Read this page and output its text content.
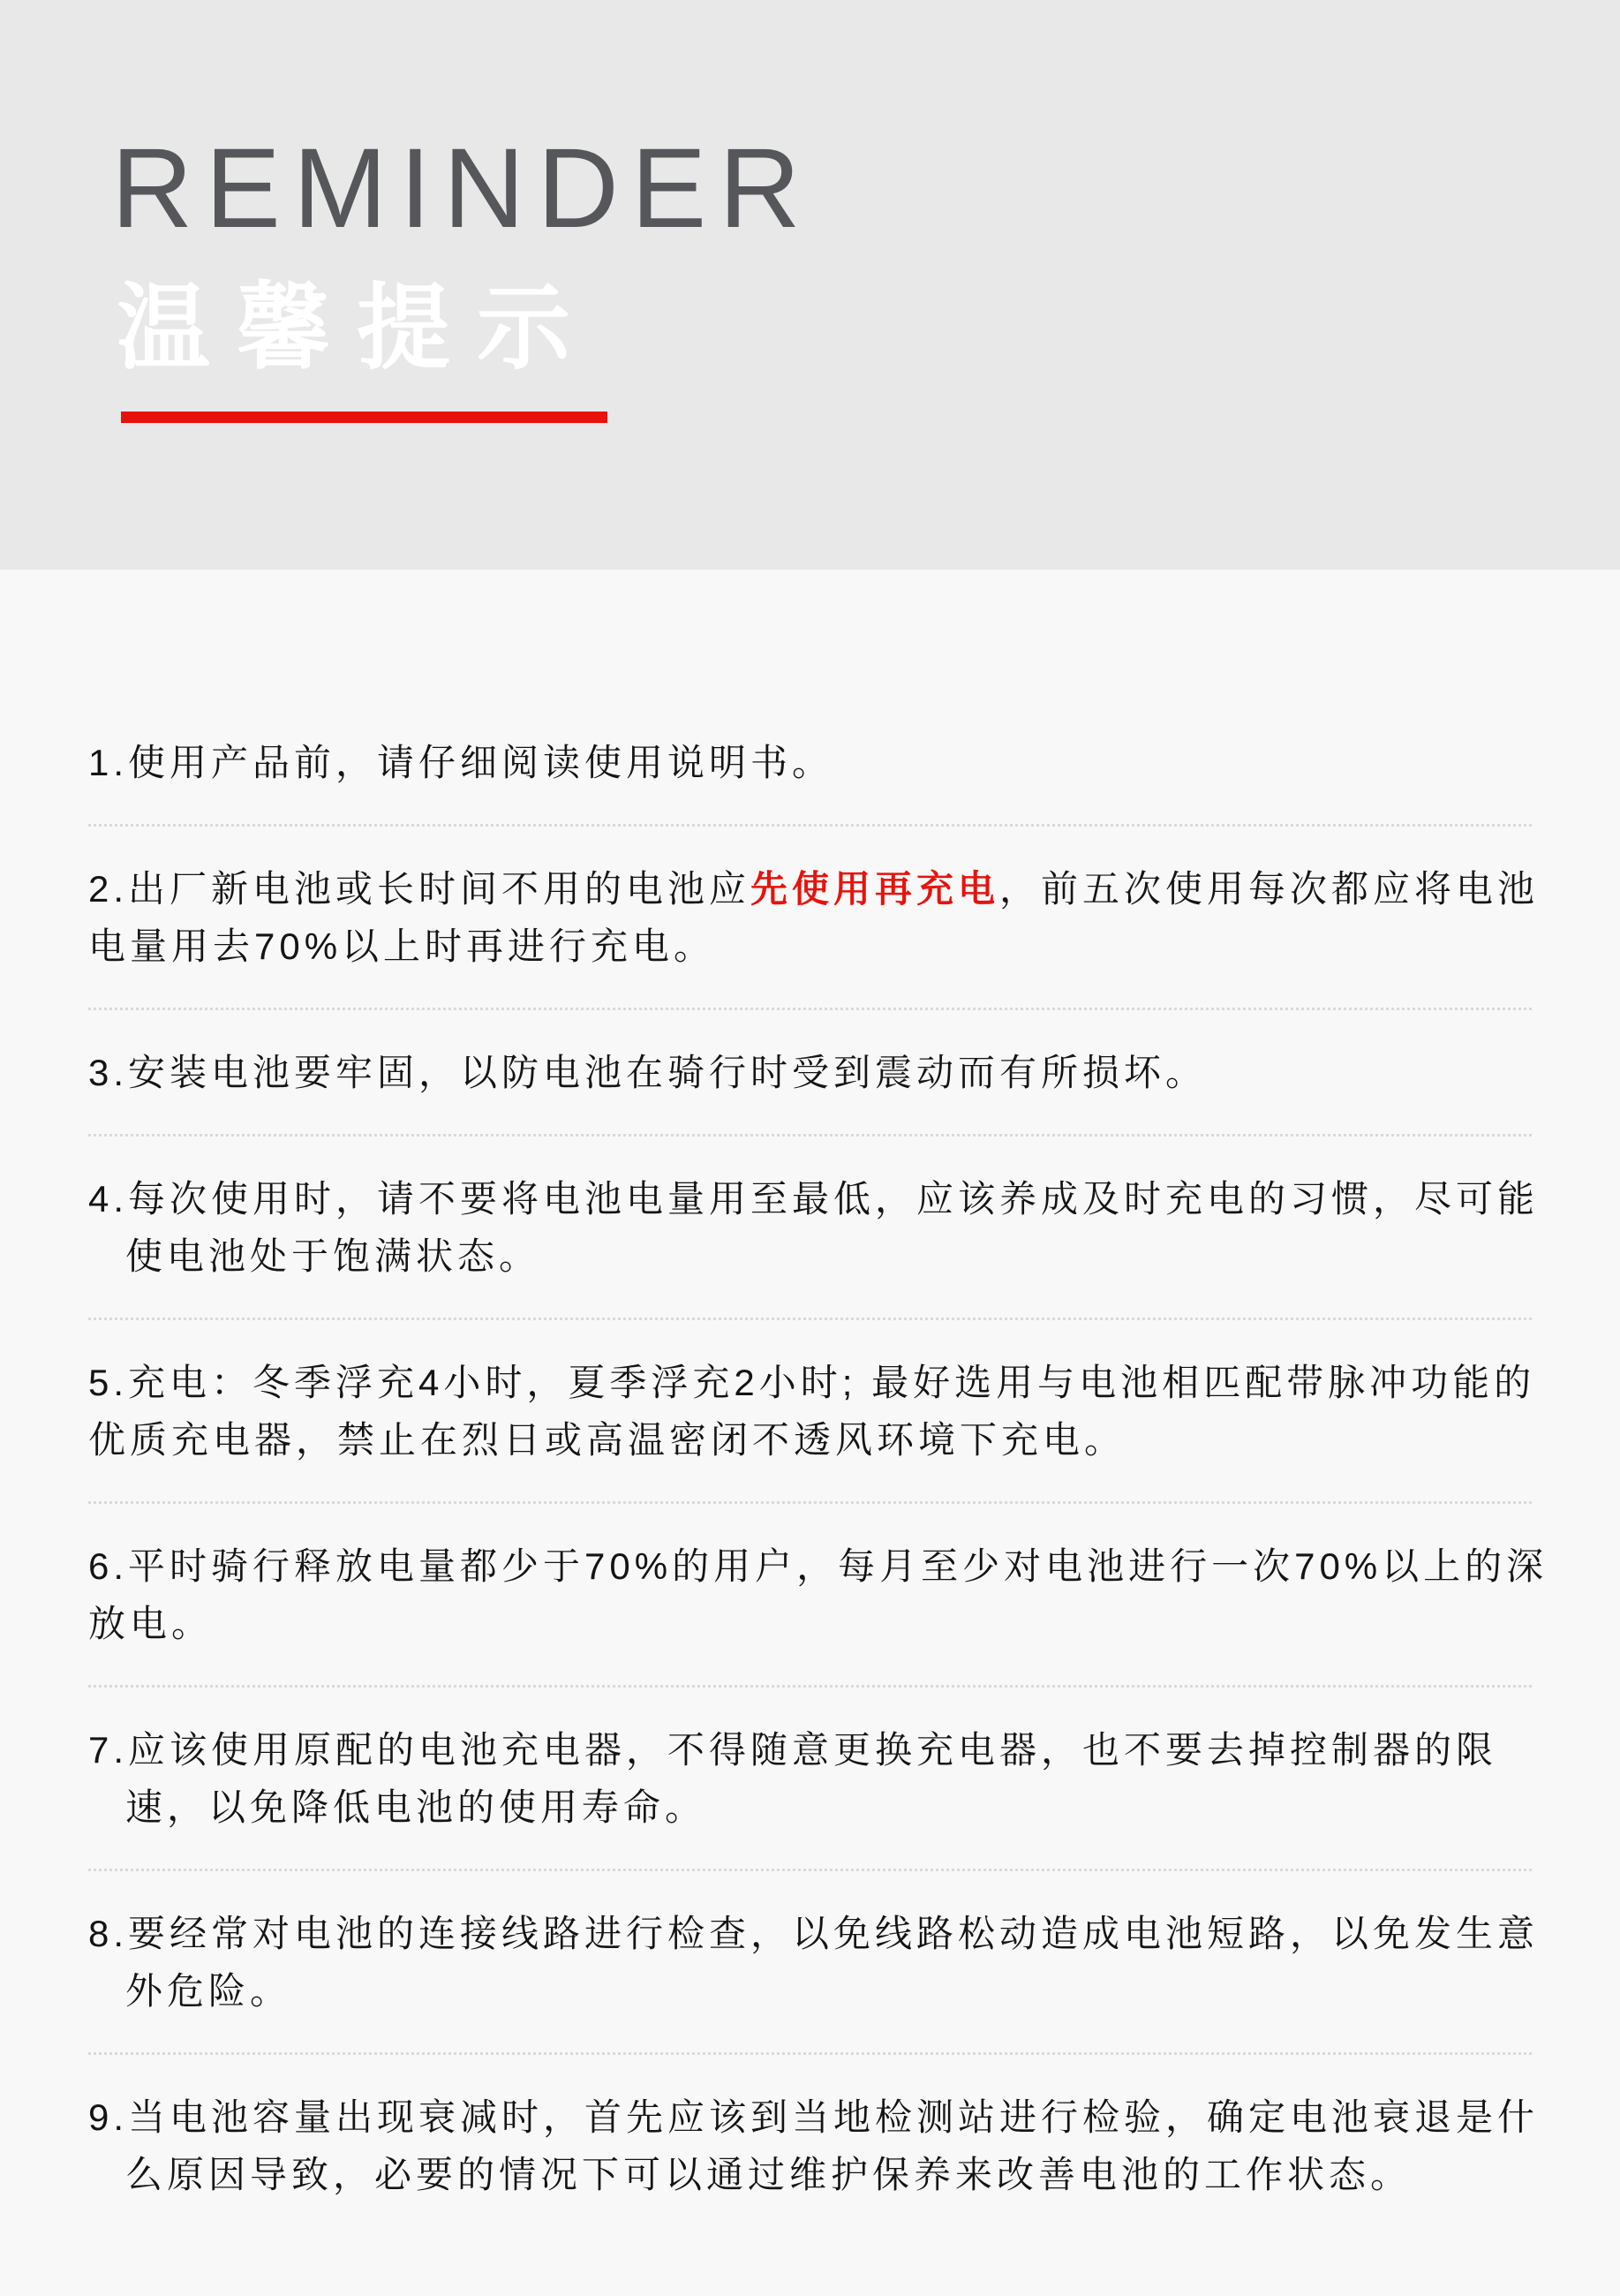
REMINDER
温馨提示
1.使用产品前，请仔细阅读使用说明书。
2.出厂新电池或长时间不用的电池应先使用再充电，前五次使用每次都应将电池
电量用去70%以上时再进行充电。
3.安装电池要牢固，以防电池在骑行时受到震动而有所损坏。
4.每次使用时，请不要将电池电量用至最低，应该养成及时充电的习惯，尽可能
使电池处于饱满状态。
5.充电：冬季浮充4小时，夏季浮充2小时; 最好选用与电池相匹配带脉冲功能的
优质充电器，禁止在烈日或高温密闭不透风环境下充电。
6.平时骑行释放电量都少于70%的用户，每月至少对电池进行一次70%以上的深
放电。
7.应该使用原配的电池充电器，不得随意更换充电器，也不要去掉控制器的限
速，以免降低电池的使用寿命。
8.要经常对电池的连接线路进行检查，以免线路松动造成电池短路，以免发生意
外危险。
9.当电池容量出现衰减时，首先应该到当地检测站进行检验，确定电池衰退是什
么原因导致，必要的情况下可以通过维护保养来改善电池的工作状态。
